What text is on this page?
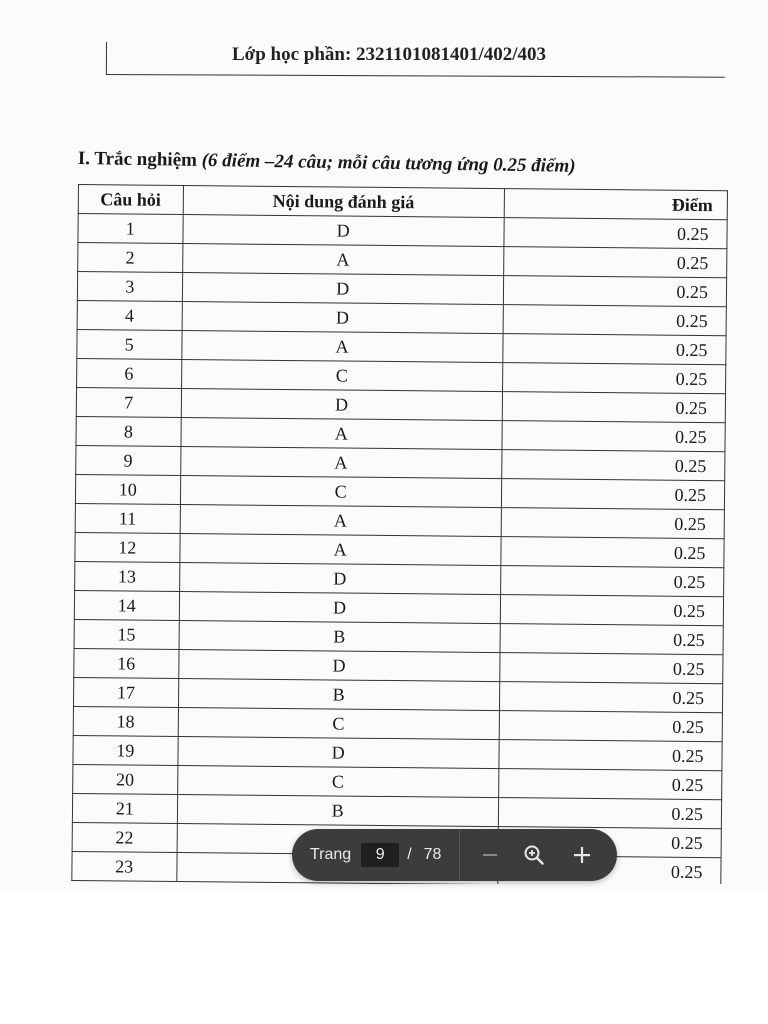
Lớp học phần: 2321101081401/402/403
I. Trắc nghiệm (6 điểm –24 câu; mỗi câu tương ứng 0.25 điểm)
Câu hỏi	Nội dung đánh giá	Điểm
1	D	0.25
2	A	0.25
3	D	0.25
4	D	0.25
5	A	0.25
6	C	0.25
7	D	0.25
8	A	0.25
9	A	0.25
10	C	0.25
11	A	0.25
12	A	0.25
13	D	0.25
14	D	0.25
15	B	0.25
16	D	0.25
17	B	0.25
18	C	0.25
19	D	0.25
20	C	0.25
21	B	0.25
22		0.25
23		0.25
Trang
9	/ 78
